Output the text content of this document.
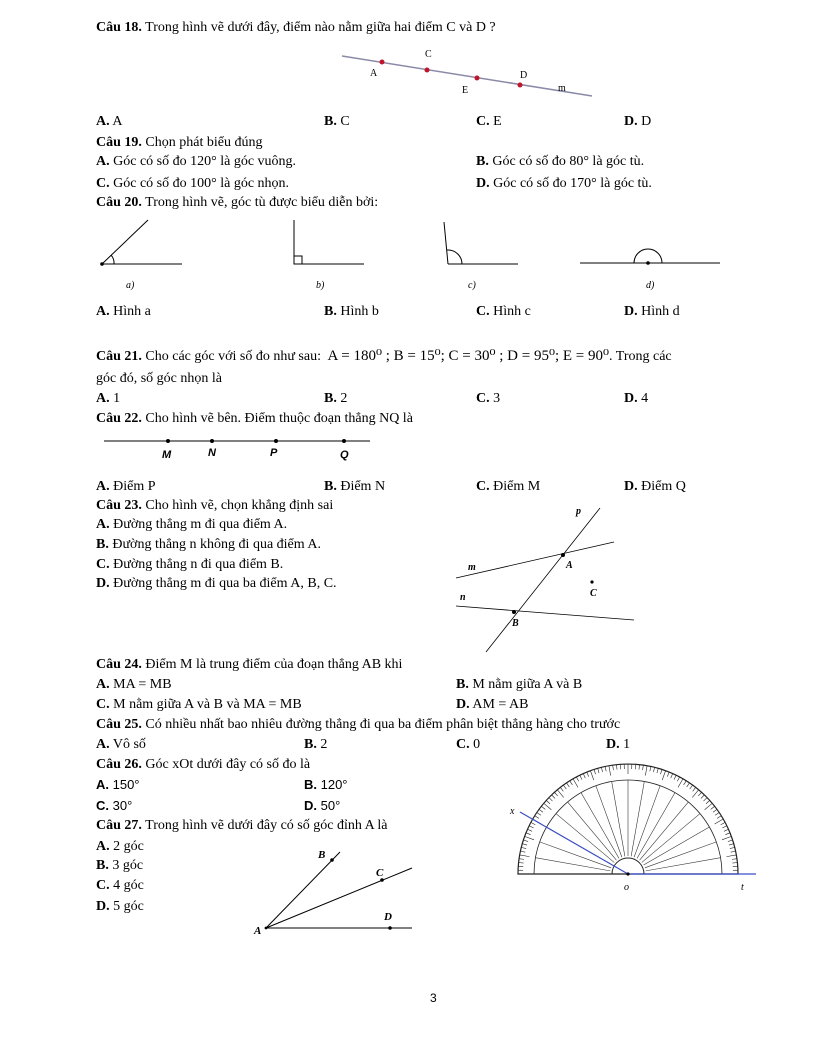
Câu 18. Trong hình vẽ dưới đây, điểm nào nằm giữa hai điểm C và D ?
A
C
E
D
m
A. A	B. C	C. E	D. D
Câu 19. Chọn phát biểu đúng
A. Góc có số đo 120° là góc vuông.	B. Góc có số đo 80° là góc tù.
C. Góc có số đo 100° là góc nhọn.	D. Góc có số đo 170° là góc tù.
Câu 20. Trong hình vẽ, góc tù được biểu diễn bởi:
a)	b)	c)	d)
A. Hình a	B. Hình b	C. Hình c	D. Hình d
Câu 21. Cho các góc với số đo như sau: A = 180⁰ ; B = 15⁰; C = 30⁰ ; D = 95⁰; E = 90⁰. Trong các
góc đó, số góc nhọn là
A. 1	B. 2	C. 3	D. 4
Câu 22. Cho hình vẽ bên. Điểm thuộc đoạn thẳng NQ là
M	N	P	Q
A. Điểm P	B. Điểm N	C. Điểm M	D. Điểm Q
Câu 23. Cho hình vẽ, chọn khẳng định sai
A. Đường thẳng m đi qua điểm A.
B. Đường thẳng n không đi qua điểm A.
C. Đường thẳng n đi qua điểm B.
D. Đường thẳng m đi qua ba điểm A, B, C.
p
m
n
A
B
C
Câu 24. Điểm M là trung điểm của đoạn thẳng AB khi
A. MA = MB	B. M nằm giữa A và B
C. M nằm giữa A và B và MA = MB	D. AM = AB
Câu 25. Có nhiều nhất bao nhiêu đường thẳng đi qua ba điểm phân biệt thẳng hàng cho trước
A. Vô số	B. 2	C. 0	D. 1
Câu 26. Góc xOt dưới đây có số đo là
A. 150°	B. 120°
C. 30°	D. 50°	x
o	t
Câu 27. Trong hình vẽ dưới đây có số góc đỉnh A là
A. 2 góc
B. 3 góc
C. 4 góc
D. 5 góc
B
C
D
A
3
